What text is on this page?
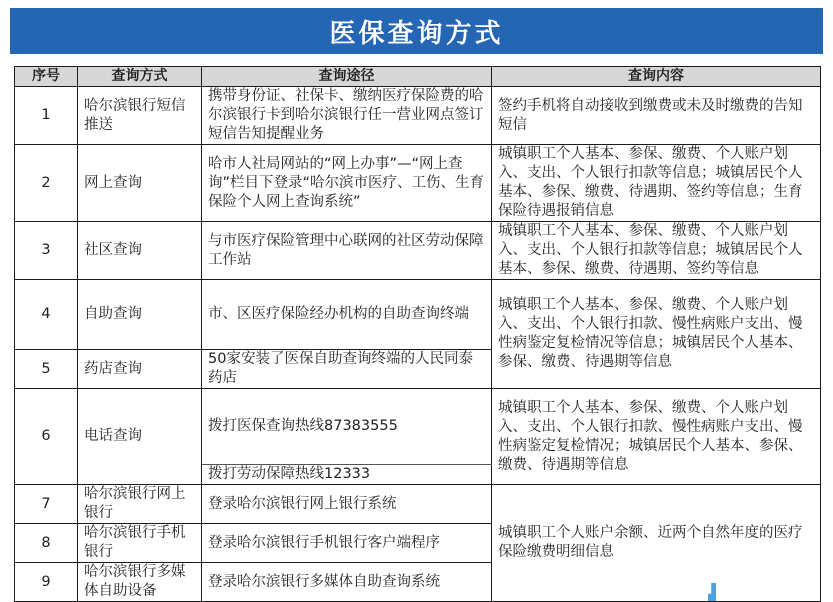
医保查询方式
序号	查询方式	查询途径	查询内容
1	哈尔滨银行短信推送	携带身份证、社保卡、缴纳医疗保险费的哈尔滨银行卡到哈尔滨银行任一营业网点签订短信告知提醒业务	签约手机将自动接收到缴费或未及时缴费的告知短信
2	网上查询	哈市人社局网站的“网上办事”—“网上查询”栏目下登录“哈尔滨市医疗、工伤、生育保险个人网上查询系统”	城镇职工个人基本、参保、缴费、个人账户划入、支出、个人银行扣款等信息；城镇居民个人基本、参保、缴费、待遇期、签约等信息；生育保险待遇报销信息
3	社区查询	与市医疗保险管理中心联网的社区劳动保障工作站	城镇职工个人基本、参保、缴费、个人账户划入、支出、个人银行扣款等信息；城镇居民个人基本、参保、缴费、待遇期、签约等信息
4	自助查询	市、区医疗保险经办机构的自助查询终端	城镇职工个人基本、参保、缴费、个人账户划入、支出、个人银行扣款、慢性病账户支出、慢性病鉴定复检情况等信息；城镇居民个人基本、参保、缴费、待遇期等信息
5	药店查询	50家安装了医保自助查询终端的人民同泰药店	
6	电话查询	拨打医保查询热线87383555	城镇职工个人基本、参保、缴费、个人账户划入、支出、个人银行扣款、慢性病账户支出、慢性病鉴定复检情况；城镇居民个人基本、参保、缴费、待遇期等信息
		拨打劳动保障热线12333	
7	哈尔滨银行网上银行	登录哈尔滨银行网上银行系统	城镇职工个人账户余额、近两个自然年度的医疗保险缴费明细信息
8	哈尔滨银行手机银行	登录哈尔滨银行手机银行客户端程序	
9	哈尔滨银行多媒体自助设备	登录哈尔滨银行多媒体自助查询系统	
